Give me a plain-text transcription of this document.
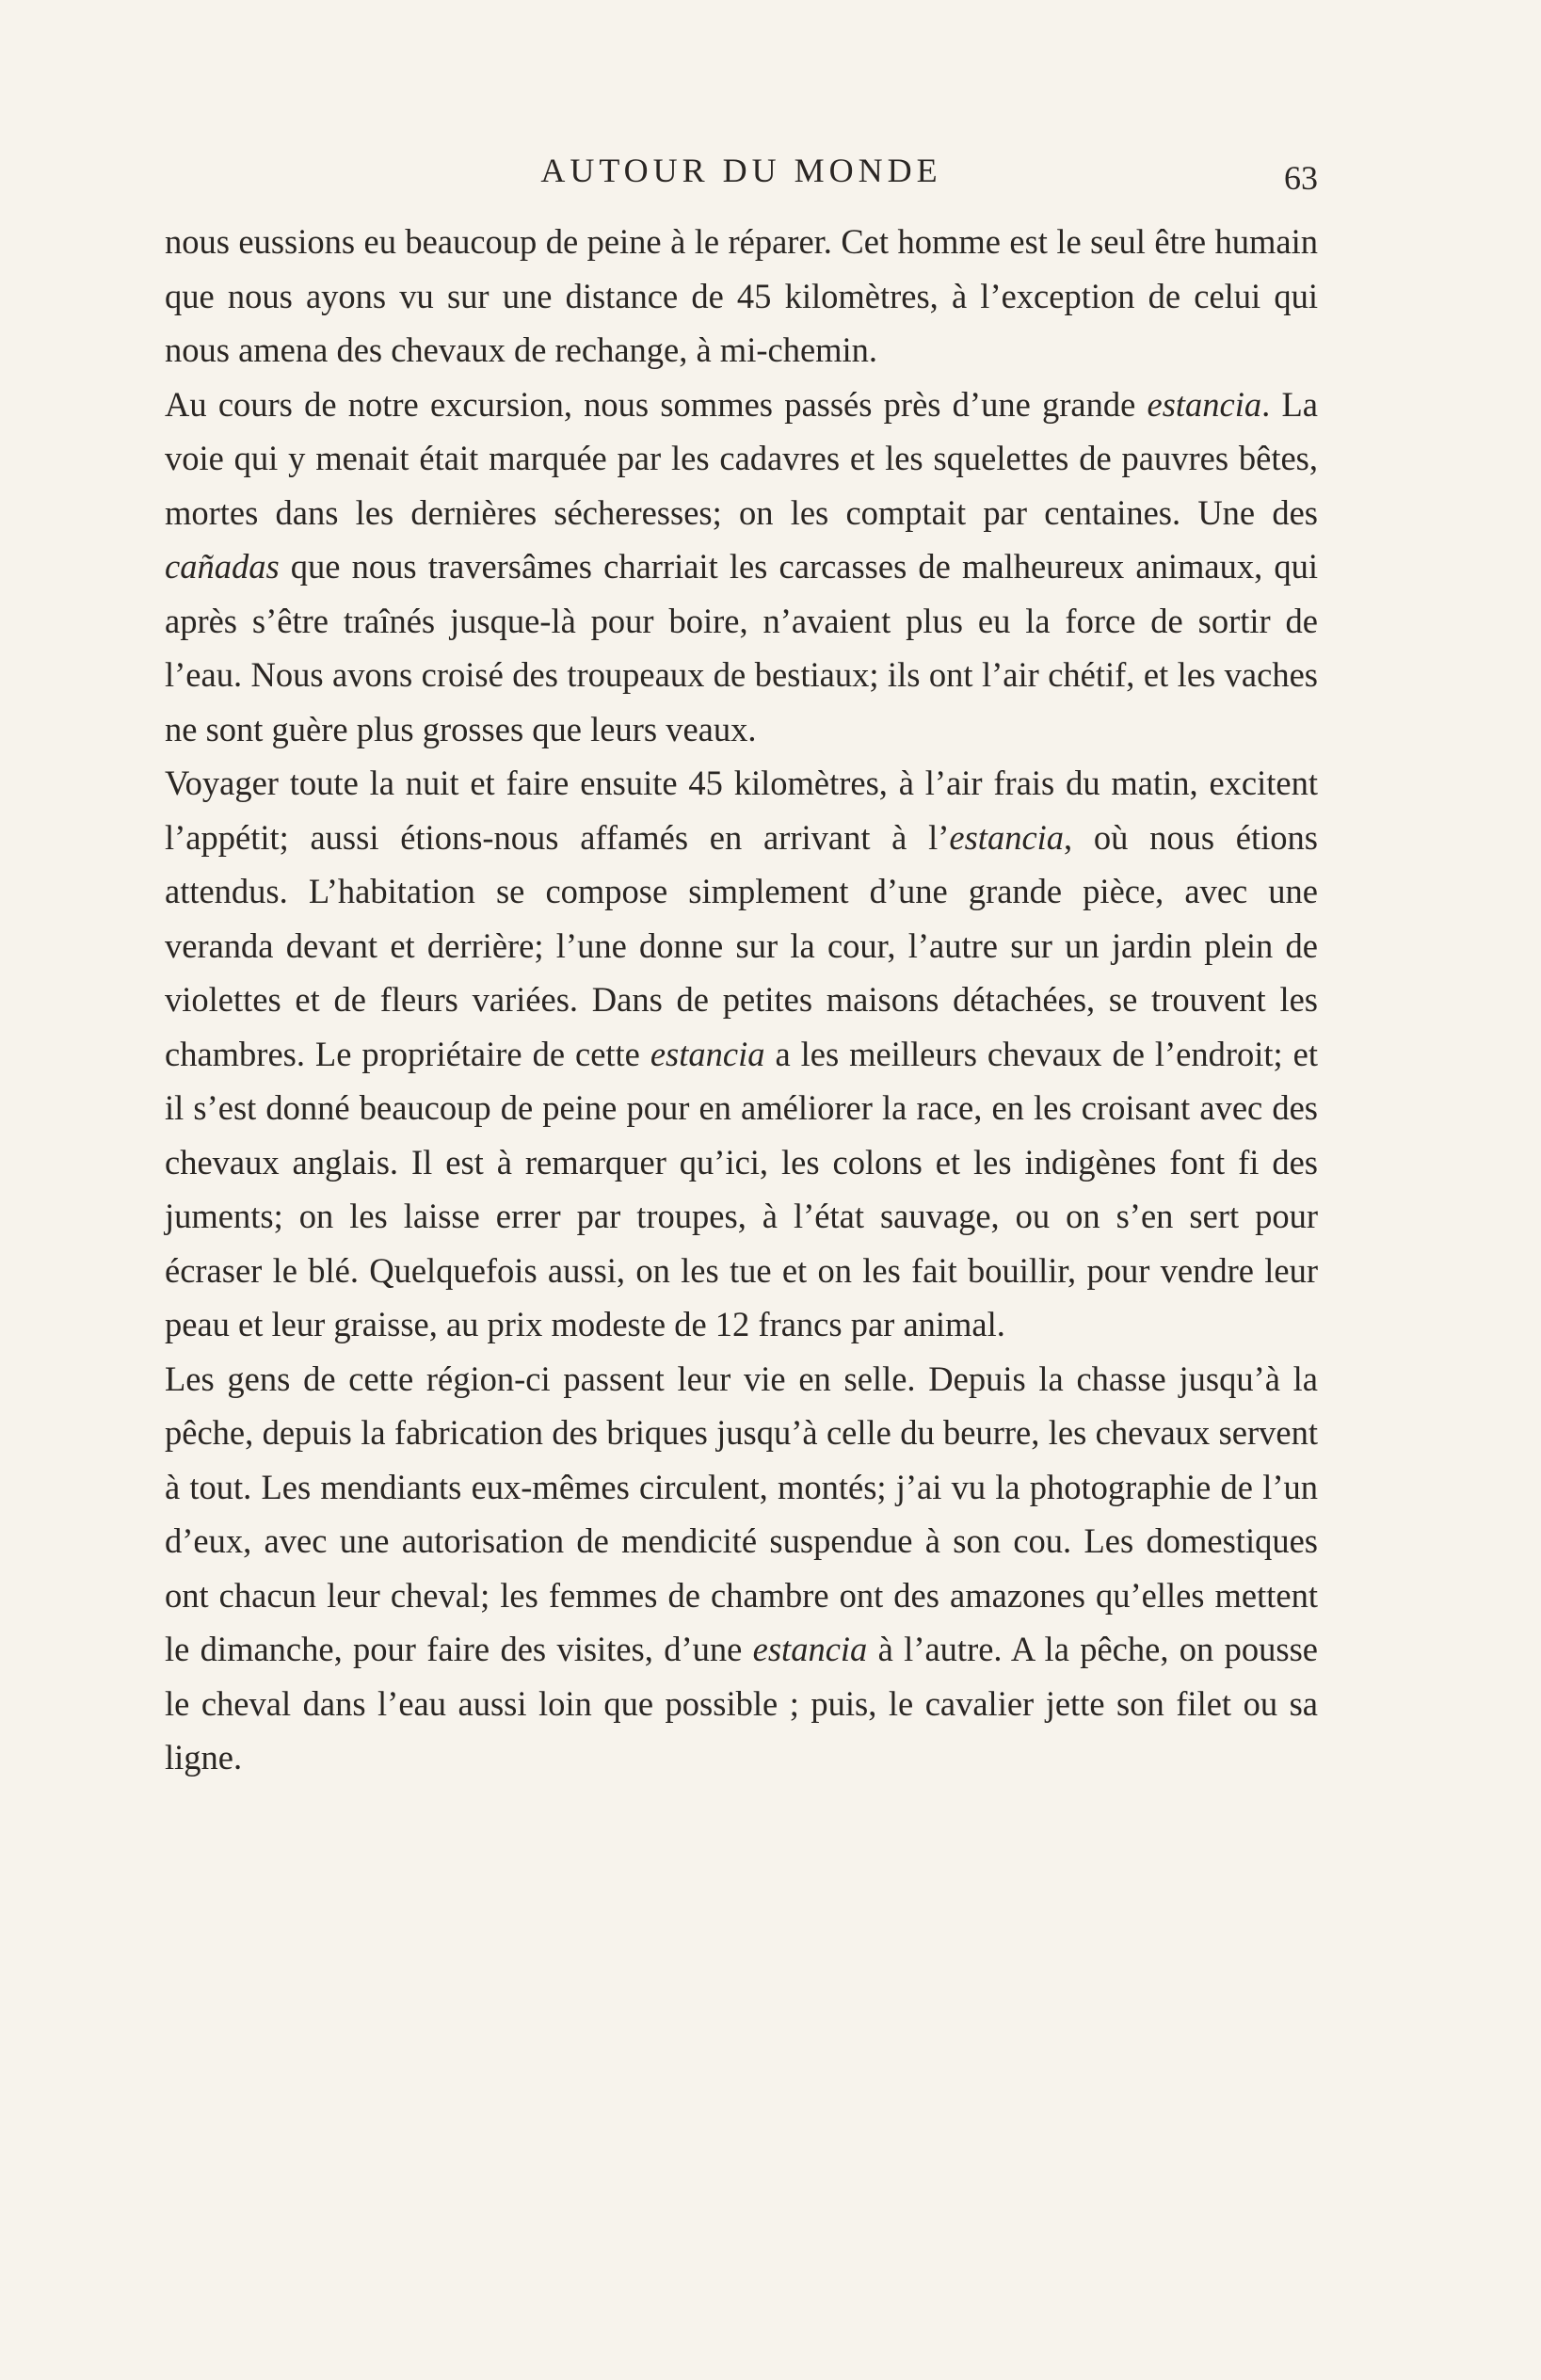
AUTOUR DU MONDE	63

nous eussions eu beaucoup de peine à le réparer. Cet homme est le seul être humain que nous ayons vu sur une distance de 45 kilomètres, à l’exception de celui qui nous amena des chevaux de rechange, à mi-chemin.

Au cours de notre excursion, nous sommes passés près d’une grande estancia. La voie qui y menait était marquée par les cadavres et les squelettes de pauvres bêtes, mortes dans les dernières sécheresses; on les comptait par centaines. Une des cañadas que nous traversâmes charriait les carcasses de malheureux animaux, qui après s’être traînés jusque-là pour boire, n’avaient plus eu la force de sortir de l’eau. Nous avons croisé des troupeaux de bestiaux; ils ont l’air chétif, et les vaches ne sont guère plus grosses que leurs veaux.

Voyager toute la nuit et faire ensuite 45 kilomètres, à l’air frais du matin, excitent l’appétit; aussi étions-nous affamés en arrivant à l’estancia, où nous étions attendus. L’habitation se compose simplement d’une grande pièce, avec une veranda devant et derrière; l’une donne sur la cour, l’autre sur un jardin plein de violettes et de fleurs variées. Dans de petites maisons détachées, se trouvent les chambres. Le propriétaire de cette estancia a les meilleurs chevaux de l’endroit; et il s’est donné beaucoup de peine pour en améliorer la race, en les croisant avec des chevaux anglais. Il est à remarquer qu’ici, les colons et les indigènes font fi des juments; on les laisse errer par troupes, à l’état sauvage, ou on s’en sert pour écraser le blé. Quelquefois aussi, on les tue et on les fait bouillir, pour vendre leur peau et leur graisse, au prix modeste de 12 francs par animal.

Les gens de cette région-ci passent leur vie en selle. Depuis la chasse jusqu’à la pêche, depuis la fabrication des briques jusqu’à celle du beurre, les chevaux servent à tout. Les mendiants eux-mêmes circulent, montés; j’ai vu la photographie de l’un d’eux, avec une autorisation de mendicité suspendue à son cou. Les domestiques ont chacun leur cheval; les femmes de chambre ont des amazones qu’elles mettent le dimanche, pour faire des visites, d’une estancia à l’autre. A la pêche, on pousse le cheval dans l’eau aussi loin que possible ; puis, le cavalier jette son filet ou sa ligne.
